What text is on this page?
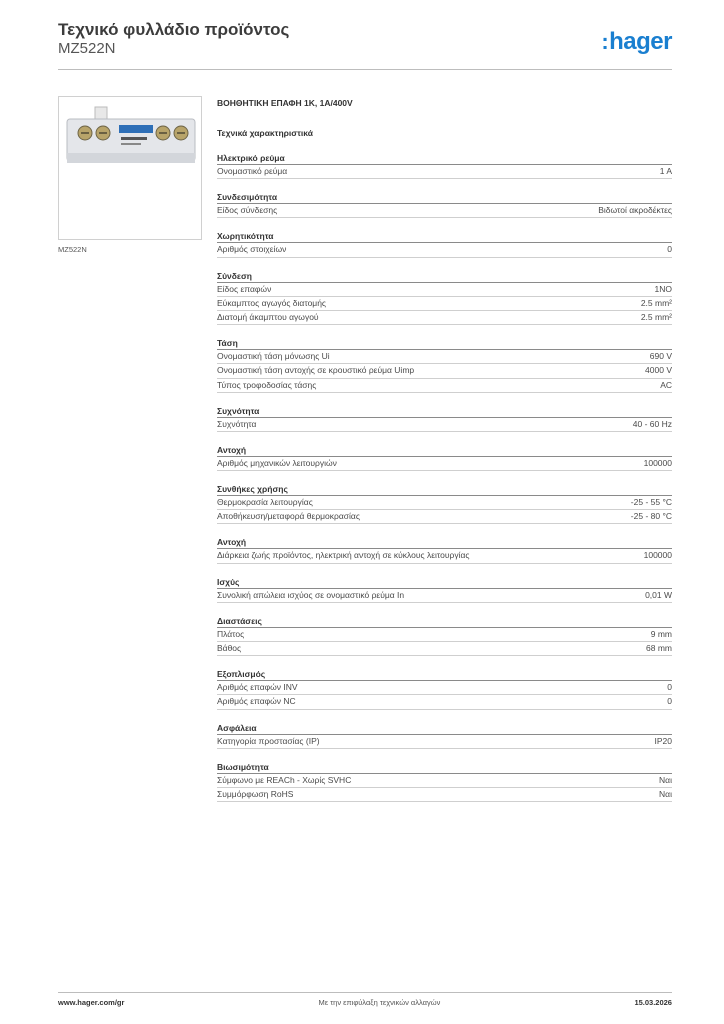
Τεχνικό φυλλάδιο προϊόντος
MZ522N	:hager
MZ522N
ΒΟΗΘΗΤΙΚΗ ΕΠΑΦΗ 1Κ, 1Α/400V
Τεχνικά χαρακτηριστικά
Ηλεκτρικό ρεύμα
Ονομαστικό ρεύμα	1 A
Συνδεσιμότητα
Είδος σύνδεσης	Βιδωτοί ακροδέκτες
Χωρητικότητα
Αριθμός στοιχείων	0
Σύνδεση
Είδος επαφών	1NO
Εύκαμπτος αγωγός διατομής	2.5 mm²
Διατομή άκαμπτου αγωγού	2.5 mm²
Τάση
Ονομαστική τάση μόνωσης Ui	690 V
Ονομαστική τάση αντοχής σε κρουστικό ρεύμα Uimp	4000 V
Τύπος τροφοδοσίας τάσης	AC
Συχνότητα
Συχνότητα	40 - 60 Hz
Αντοχή
Αριθμός μηχανικών λειτουργιών	100000
Συνθήκες χρήσης
Θερμοκρασία λειτουργίας	-25 - 55 °C
Αποθήκευση/μεταφορά θερμοκρασίας	-25 - 80 °C
Αντοχή
Διάρκεια ζωής προϊόντος, ηλεκτρική αντοχή σε κύκλους λειτουργίας	100000
Ισχύς
Συνολική απώλεια ισχύος σε ονομαστικό ρεύμα In	0,01 W
Διαστάσεις
Πλάτος	9 mm
Βάθος	68 mm
Εξοπλισμός
Αριθμός επαφών INV	0
Αριθμός επαφών NC	0
Ασφάλεια
Κατηγορία προστασίας (IP)	IP20
Βιωσιμότητα
Σύμφωνο με REACh - Χωρίς SVHC	Ναι
Συμμόρφωση RoHS	Ναι
www.hager.com/gr	Με την επιφύλαξη τεχνικών αλλαγών	15.03.2026
